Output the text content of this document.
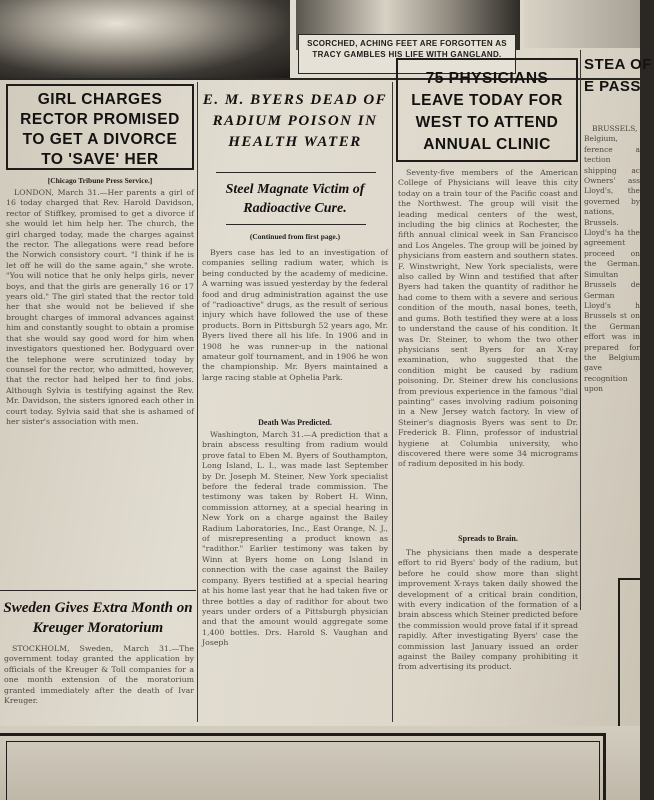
SCORCHED, ACHING FEET ARE FORGOTTEN AS TRACY GAMBLES HIS LIFE WITH GANGLAND.
GIRL CHARGES RECTOR PROMISED TO GET A DIVORCE TO 'SAVE' HER
[Chicago Tribune Press Service.]

LONDON, March 31.—Her parents a girl of 16 today charged that Rev. Harold Davidson, rector of Stiffkey, promised to get a divorce if she would let him help her. The church, the girl charged today, made the charges against the rector. The allegations were read before the Norwich consistory court. "I think if he is let off he will do the same again," she wrote. "You will notice that he only helps girls, never boys, and that the girls are generally 16 or 17 years old." The girl stated that the rector told her that she would not be believed if she brought charges of immoral advances against him and constantly sought to obtain a promise that she would say good word for him when investigators questioned her. Bodyguard over the telephone were scrutinized today by counsel for the rector, who admitted, however, that the rector had helped her to find jobs. Although Sylvia is testifying against the Rev. Mr. Davidson, the sisters ignored each other in court today. Sylvia said that she is ashamed of her sister's association with men.

Sweden Gives Extra Month on Kreuger Moratorium

STOCKHOLM, Sweden, March 31.—The government today granted the application by officials of the Kreuger & Toll companies for a one month extension of the moratorium granted immediately after the death of Ivar Kreuger.

E. M. BYERS DEAD OF RADIUM POISON IN HEALTH WATER
Steel Magnate Victim of Radioactive Cure.
(Continued from first page.)

Byers case has led to an investigation of companies selling radium water, which is being conducted by the academy of medicine. A warning was issued yesterday by the federal food and drug administration against the use of "radioactive" drugs, as the result of serious injury which have followed the use of these products. Born in Pittsburgh 52 years ago, Mr. Byers lived there all his life. In 1906 and in 1908 he was runner-up in the national amateur golf tournament, and in 1906 he won the championship. Mr. Byers maintained a large racing stable at Ophelia Park.

Death Was Predicted.

Washington, March 31.—A prediction that a brain abscess resulting from radium would prove fatal to Eben M. Byers of Southampton, Long Island, L. I., was made last September by Dr. Joseph M. Steiner, New York specialist before the federal trade commission. The testimony was taken by Robert H. Winn, commission attorney, at a special hearing in New York on a charge against the Bailey Radium Laboratories, Inc., East Orange, N. J., of misrepresenting a product known as "radithor." Earlier testimony was taken by Winn at Byers home on Long Island in connection with the case against the Bailey company. Byers testified at a special hearing at his home last year that he had taken five or three bottles a day of radithor for about two years under orders of a Pittsburgh physician and that the amount would aggregate some 1,400 bottles. Drs. Harold S. Vaughan and Joseph

75 PHYSICIANS LEAVE TODAY FOR WEST TO ATTEND ANNUAL CLINIC

Seventy-five members of the American College of Physicians will leave this city today on a train tour of the Pacific coast and the Northwest. The group will visit the leading medical centers of the west, including the big clinics at Rochester, the fifth annual clinical week in San Francisco and Los Angeles. The group will be joined by physicians from eastern and southern states. F. Winstwright, New York specialists, were also called by Winn and testified that after Byers had taken the quantity of radithor he had come to them with a severe and serious condition of the mouth, nasal bones, teeth, and gums. Both testified they were at a loss to understand the cause of his condition. It was Dr. Steiner, to whom the two other physicians sent Byers for an X-ray examination, who suggested that the condition might be caused by radium poisoning. Dr. Steiner drew his conclusions from previous experience in the famous "dial painting" cases involving radium poisoning in a New Jersey watch factory. In view of Steiner's diagnosis Byers was sent to Dr. Frederick B. Flinn, professor of industrial hygiene at Columbia university, who discovered there were some 34 micrograms of radium deposited in his body.

Spreads to Brain.

The physicians then made a desperate effort to rid Byers' body of the radium, but before he could show more than slight improvement X-rays taken daily showed the development of a critical brain condition, with every indication of the formation of a brain abscess which Steiner predicted before the commission would prove fatal if it spread rapidly. After investigating Byers' case the commission last January issued an order against the Bailey company prohibiting it from advertising its product.

STEA OF E PASS

BRUSSELS, Belgium, ference a tection shipping ac Owners' ass Lloyd's, the governed by nations, Brussels. Lloyd's ha the agreement proceed on the German. Simultan Brussels de German Lloyd's h Brussels st on the German effort was in prepared for the Belgium gave recognition upon
